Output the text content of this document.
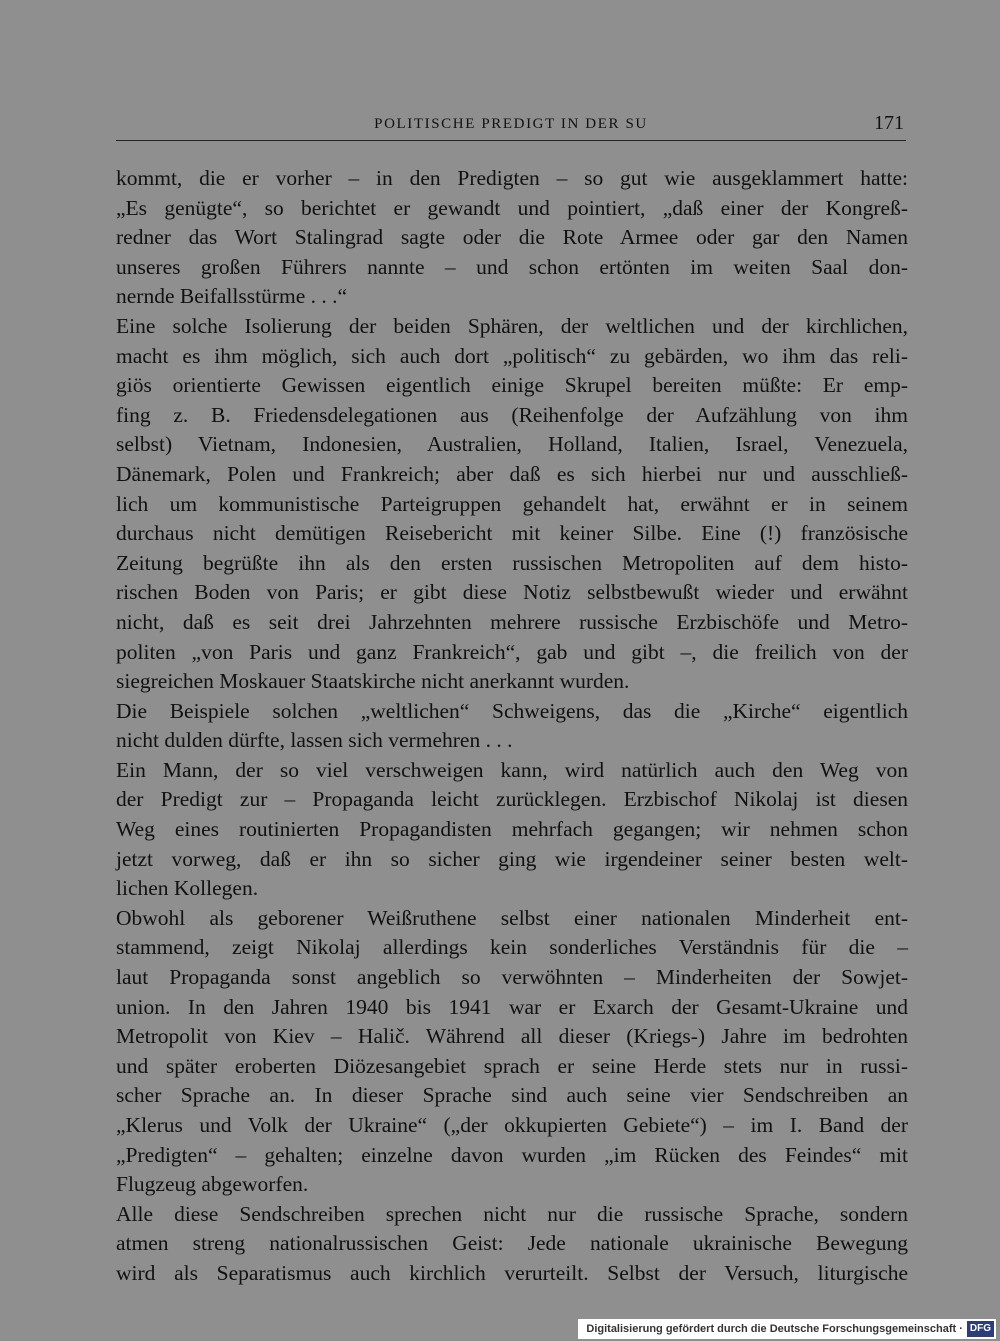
POLITISCHE PREDIGT IN DER SU	171
kommt, die er vorher – in den Predigten – so gut wie ausgeklammert hatte:
„Es genügte“, so berichtet er gewandt und pointiert, „daß einer der Kongreß-
redner das Wort Stalingrad sagte oder die Rote Armee oder gar den Namen
unseres großen Führers nannte – und schon ertönten im weiten Saal don-
nernde Beifallsstürme . . .“
Eine solche Isolierung der beiden Sphären, der weltlichen und der kirchlichen,
macht es ihm möglich, sich auch dort „politisch“ zu gebärden, wo ihm das reli-
giös orientierte Gewissen eigentlich einige Skrupel bereiten müßte: Er emp-
fing z. B. Friedensdelegationen aus (Reihenfolge der Aufzählung von ihm
selbst) Vietnam, Indonesien, Australien, Holland, Italien, Israel, Venezuela,
Dänemark, Polen und Frankreich; aber daß es sich hierbei nur und ausschließ-
lich um kommunistische Parteigruppen gehandelt hat, erwähnt er in seinem
durchaus nicht demütigen Reisebericht mit keiner Silbe. Eine (!) französische
Zeitung begrüßte ihn als den ersten russischen Metropoliten auf dem histo-
rischen Boden von Paris; er gibt diese Notiz selbstbewußt wieder und erwähnt
nicht, daß es seit drei Jahrzehnten mehrere russische Erzbischöfe und Metro-
politen „von Paris und ganz Frankreich“, gab und gibt –, die freilich von der
siegreichen Moskauer Staatskirche nicht anerkannt wurden.
Die Beispiele solchen „weltlichen“ Schweigens, das die „Kirche“ eigentlich
nicht dulden dürfte, lassen sich vermehren . . .
Ein Mann, der so viel verschweigen kann, wird natürlich auch den Weg von
der Predigt zur – Propaganda leicht zurücklegen. Erzbischof Nikolaj ist diesen
Weg eines routinierten Propagandisten mehrfach gegangen; wir nehmen schon
jetzt vorweg, daß er ihn so sicher ging wie irgendeiner seiner besten welt-
lichen Kollegen.
Obwohl als geborener Weißruthene selbst einer nationalen Minderheit ent-
stammend, zeigt Nikolaj allerdings kein sonderliches Verständnis für die –
laut Propaganda sonst angeblich so verwöhnten – Minderheiten der Sowjet-
union. In den Jahren 1940 bis 1941 war er Exarch der Gesamt-Ukraine und
Metropolit von Kiev – Halič. Während all dieser (Kriegs-) Jahre im bedrohten
und später eroberten Diözesangebiet sprach er seine Herde stets nur in russi-
scher Sprache an. In dieser Sprache sind auch seine vier Sendschreiben an
„Klerus und Volk der Ukraine“ („der okkupierten Gebiete“) – im I. Band der
„Predigten“ – gehalten; einzelne davon wurden „im Rücken des Feindes“ mit
Flugzeug abgeworfen.
Alle diese Sendschreiben sprechen nicht nur die russische Sprache, sondern
atmen streng nationalrussischen Geist: Jede nationale ukrainische Bewegung
wird als Separatismus auch kirchlich verurteilt. Selbst der Versuch, liturgische
Digitalisierung gefördert durch die Deutsche Forschungsgemeinschaft · DFG
